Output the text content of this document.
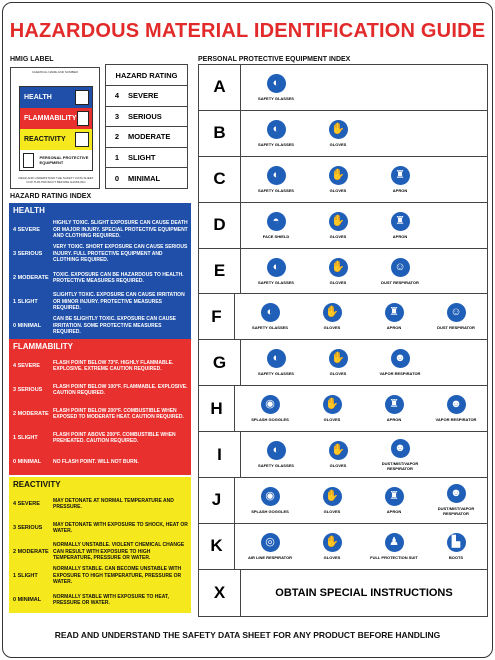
HAZARDOUS MATERIAL IDENTIFICATION GUIDE
HMIG LABEL
CHEMICAL NAME AND NUMBER
HEALTH
FLAMMABILITY
REACTIVITY
PERSONAL PROTECTIVE EQUIPMENT
READ AND UNDERSTAND THE SAFETY DATA SHEET FOR THIS PRODUCT BEFORE HANDLING
HAZARD RATING
4	SEVERE
3	SERIOUS
2	MODERATE
1	SLIGHT
0	MINIMAL
HAZARD RATING INDEX
HEALTH
4 SEVERE
HIGHLY TOXIC. SLIGHT EXPOSURE CAN CAUSE DEATH OR MAJOR INJURY. SPECIAL PROTECTIVE EQUIPMENT AND CLOTHING REQUIRED.
3 SERIOUS
VERY TOXIC. SHORT EXPOSURE CAN CAUSE SERIOUS INJURY. FULL PROTECTIVE EQUIPMENT AND CLOTHING REQUIRED.
2 MODERATE
TOXIC. EXPOSURE CAN BE HAZARDOUS TO HEALTH. PROTECTIVE MEASURES REQUIRED.
1 SLIGHT
SLIGHTLY TOXIC. EXPOSURE CAN CAUSE IRRITATION OR MINOR INJURY. PROTECTIVE MEASURES REQUIRED.
0 MINIMAL
CAN BE SLIGHTLY TOXIC. EXPOSURE CAN CAUSE IRRITATION. SOME PROTECTIVE MEASURES REQUIRED.
FLAMMABILITY
4 SEVERE
FLASH POINT BELOW 73°F. HIGHLY FLAMMABLE. EXPLOSIVE. EXTREME CAUTION REQUIRED.
3 SERIOUS
FLASH POINT BELOW 100°F. FLAMMABLE. EXPLOSIVE. CAUTION REQUIRED.
2 MODERATE
FLASH POINT BELOW 200°F. COMBUSTIBLE WHEN EXPOSED TO MODERATE HEAT. CAUTION REQUIRED.
1 SLIGHT
FLASH POINT ABOVE 200°F. COMBUSTIBLE WHEN PREHEATED. CAUTION REQUIRED.
0 MINIMAL	NO FLASH POINT. WILL NOT BURN.
REACTIVITY
4 SEVERE
MAY DETONATE AT NORMAL TEMPERATURE AND PRESSURE.
3 SERIOUS
MAY DETONATE WITH EXPOSURE TO SHOCK, HEAT OR WATER.
2 MODERATE
NORMALLY UNSTABLE. VIOLENT CHEMICAL CHANGE CAN RESULT WITH EXPOSURE TO HIGH TEMPERATURE, PRESSURE OR WATER.
1 SLIGHT
NORMALLY STABLE. CAN BECOME UNSTABLE WITH EXPOSURE TO HIGH TEMPERATURE, PRESSURE OR WATER.
0 MINIMAL
NORMALLY STABLE WITH EXPOSURE TO HEAT, PRESSURE OR WATER.
PERSONAL PROTECTIVE EQUIPMENT INDEX
A	◐
SAFETY GLASSES
B	◐
SAFETY GLASSES
✋
GLOVES
C	◐
SAFETY GLASSES
✋
GLOVES
♜
APRON
D	◓
FACE SHIELD
✋
GLOVES
♜
APRON
E	◐
SAFETY GLASSES
✋
GLOVES
☺
DUST RESPIRATOR
F	◐
SAFETY GLASSES
✋
GLOVES
♜
APRON
☺
DUST RESPIRATOR
G	◐
SAFETY GLASSES
✋
GLOVES
☻
VAPOR RESPIRATOR
H	◉
SPLASH GOGGLES
✋
GLOVES
♜
APRON
☻
VAPOR RESPIRATOR
I	◐
SAFETY GLASSES
✋
GLOVES
☻
DUST/MIST/VAPOR RESPIRATOR
J	◉
SPLASH GOGGLES
✋
GLOVES
♜
APRON
☻
DUST/MIST/VAPOR RESPIRATOR
K	◎
AIR LINE RESPIRATOR
✋
GLOVES
♟
FULL PROTECTION SUIT
▙
BOOTS
X	OBTAIN SPECIAL INSTRUCTIONS
READ AND UNDERSTAND THE SAFETY DATA SHEET FOR ANY PRODUCT BEFORE HANDLING
